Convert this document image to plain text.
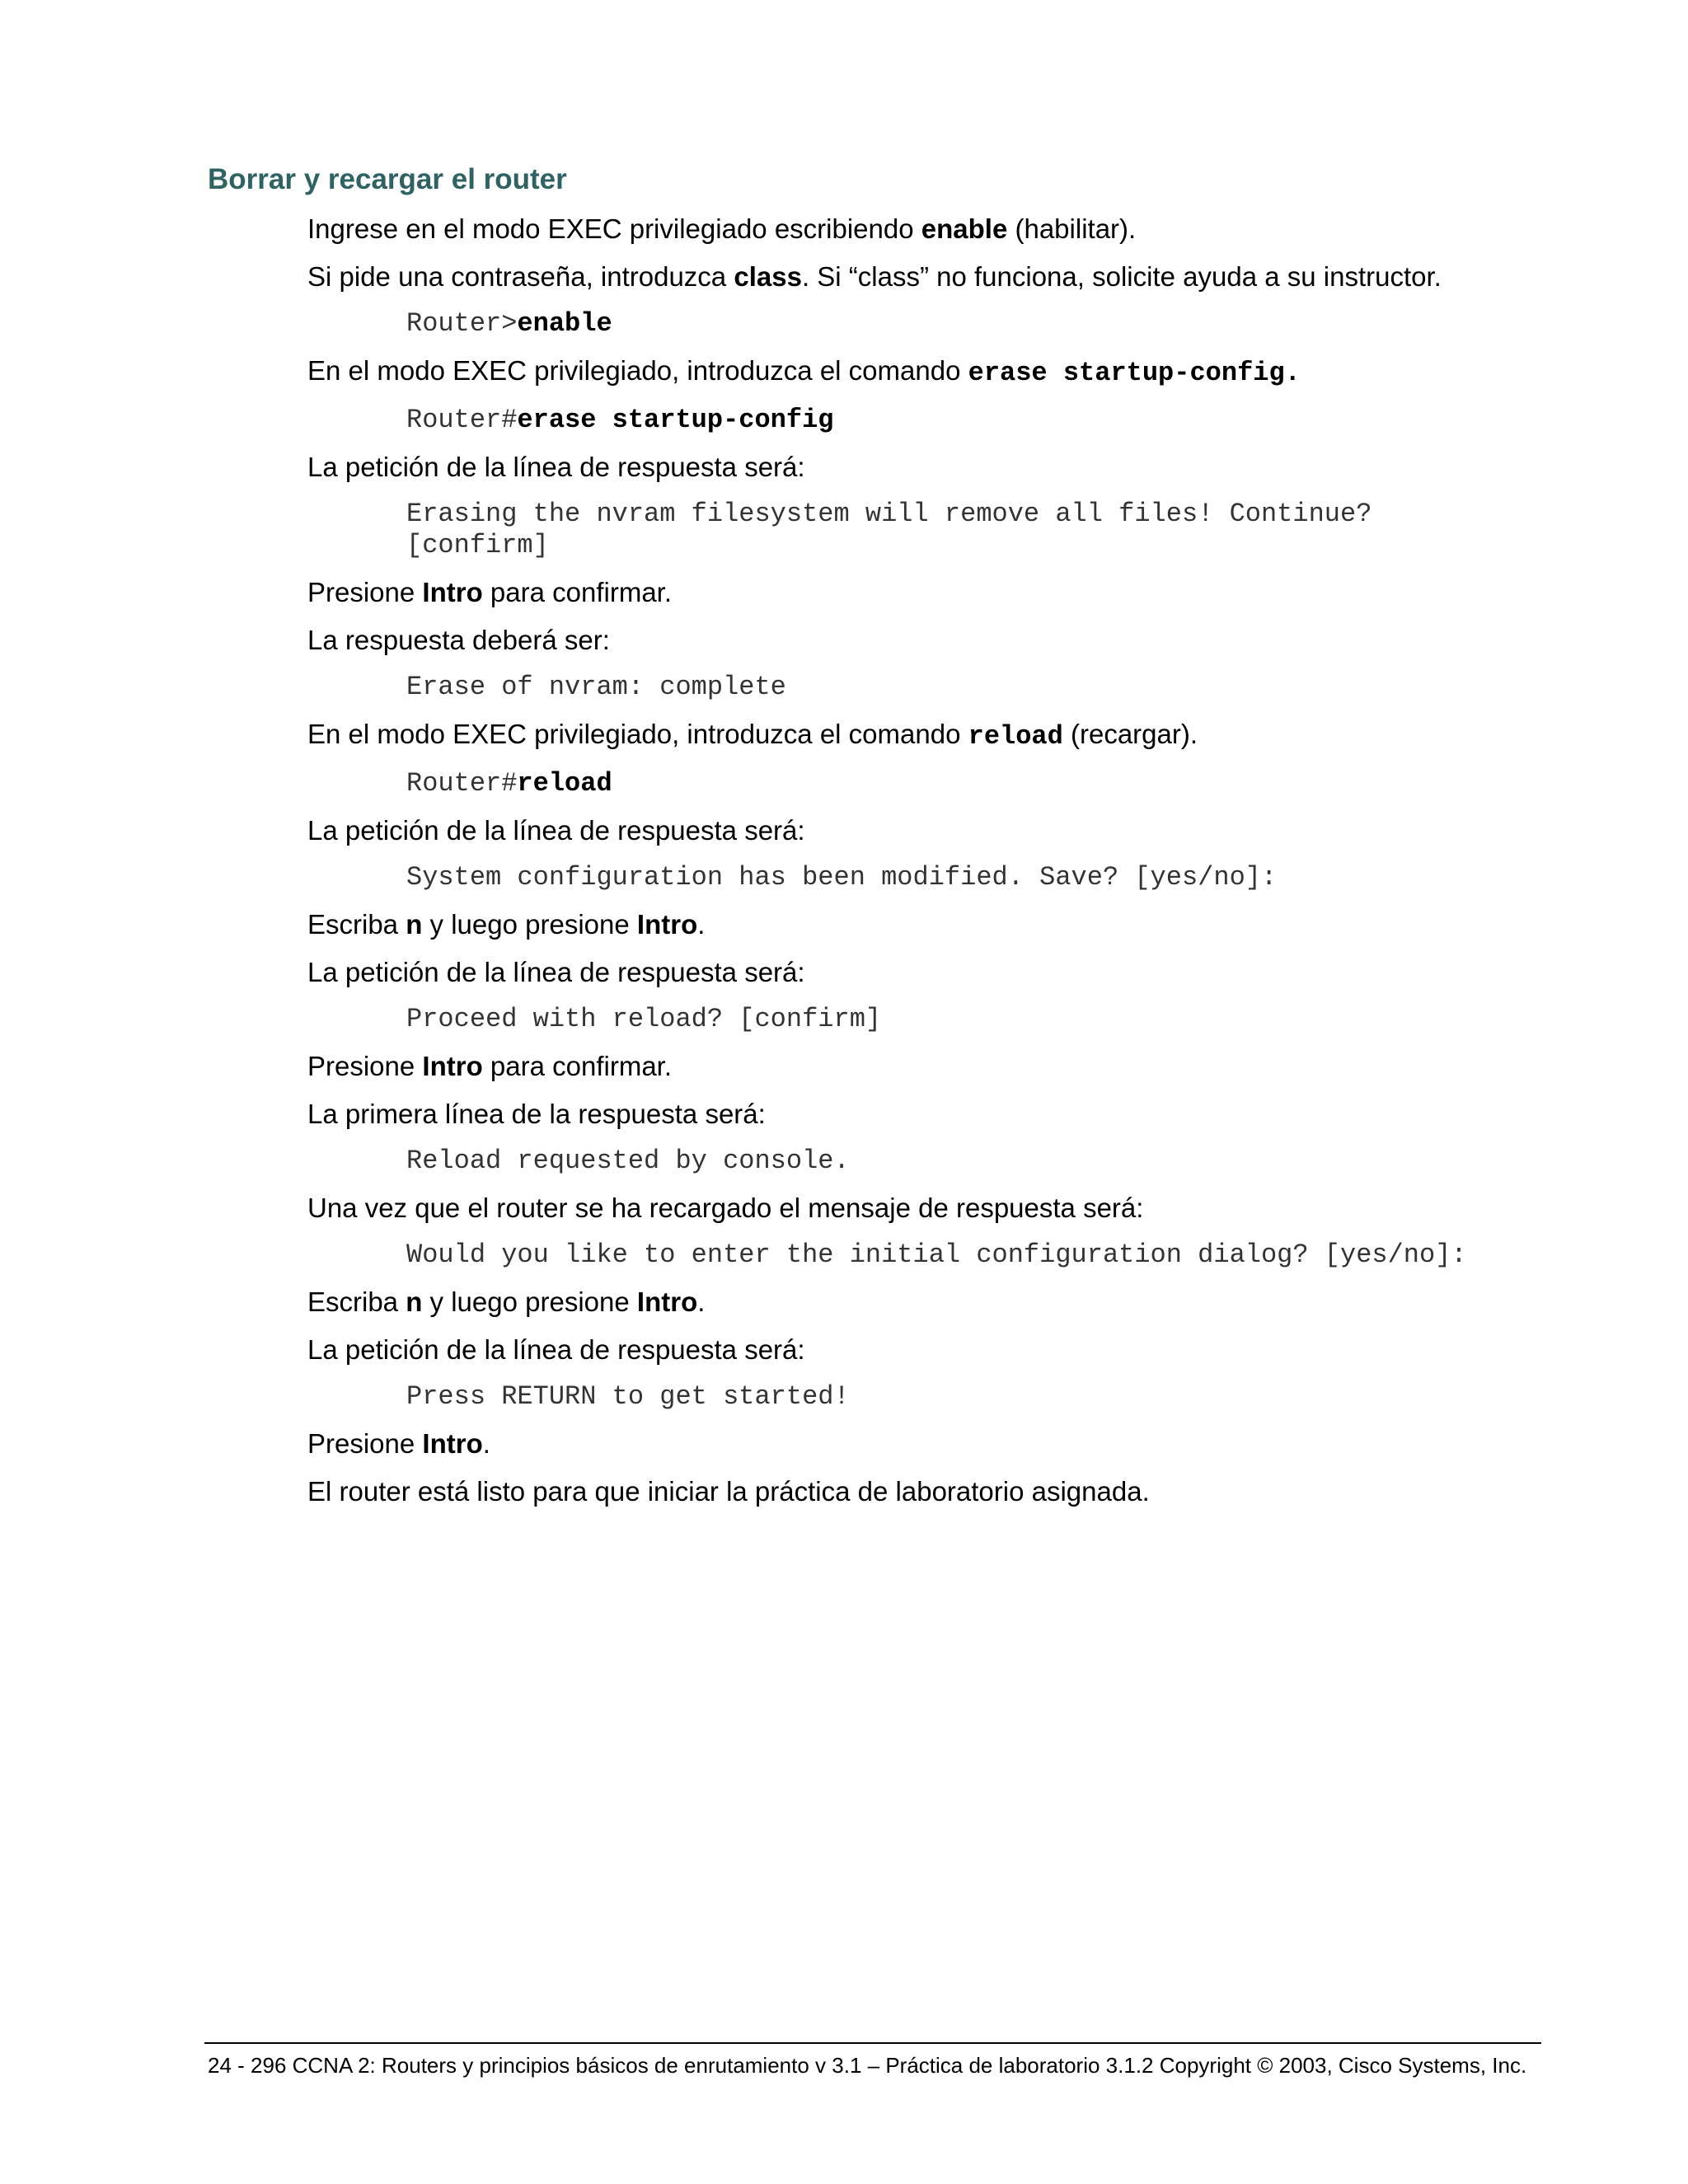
Borrar y recargar el router
Ingrese en el modo EXEC privilegiado escribiendo enable (habilitar).
Si pide una contraseña, introduzca class. Si “class” no funciona, solicite ayuda a su instructor.
Router>enable
En el modo EXEC privilegiado, introduzca el comando erase startup-config.
Router#erase startup-config
La petición de la línea de respuesta será:
Erasing the nvram filesystem will remove all files! Continue?
[confirm]
Presione Intro para confirmar.
La respuesta deberá ser:
Erase of nvram: complete
En el modo EXEC privilegiado, introduzca el comando reload (recargar).
Router#reload
La petición de la línea de respuesta será:
System configuration has been modified. Save? [yes/no]:
Escriba n y luego presione Intro.
La petición de la línea de respuesta será:
Proceed with reload? [confirm]
Presione Intro para confirmar.
La primera línea de la respuesta será:
Reload requested by console.
Una vez que el router se ha recargado el mensaje de respuesta será:
Would you like to enter the initial configuration dialog? [yes/no]:
Escriba n y luego presione Intro.
La petición de la línea de respuesta será:
Press RETURN to get started!
Presione Intro.
El router está listo para que iniciar la práctica de laboratorio asignada.
24 - 296 CCNA 2: Routers y principios básicos de enrutamiento v 3.1 – Práctica de laboratorio 3.1.2 Copyright © 2003, Cisco Systems, Inc.
